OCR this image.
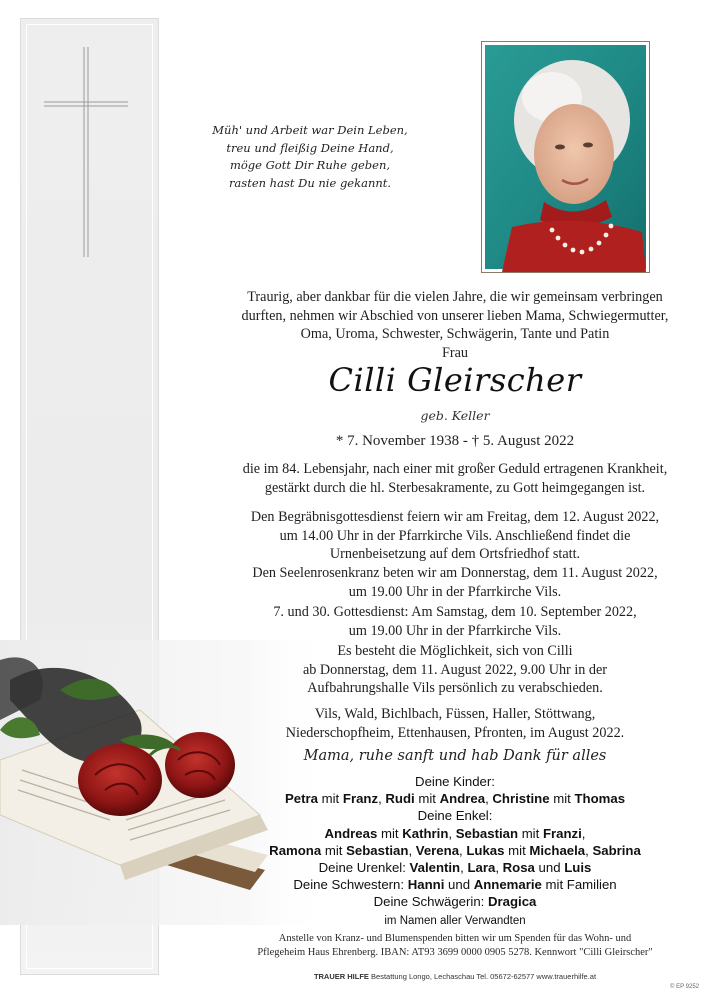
Müh' und Arbeit war Dein Leben,
treu und fleißig Deine Hand,
möge Gott Dir Ruhe geben,
rasten hast Du nie gekannt.
Traurig, aber dankbar für die vielen Jahre, die wir gemeinsam verbringen
durften, nehmen wir Abschied von unserer lieben Mama, Schwiegermutter,
Oma, Uroma, Schwester, Schwägerin, Tante und Patin
Frau
Cilli Gleirscher
geb. Keller
* 7. November 1938 - † 5. August 2022
die im 84. Lebensjahr, nach einer mit großer Geduld ertragenen Krankheit,
gestärkt durch die hl. Sterbesakramente, zu Gott heimgegangen ist.
Den Begräbnisgottesdienst feiern wir am Freitag, dem 12. August 2022,
um 14.00 Uhr in der Pfarrkirche Vils. Anschließend findet die
Urnenbeisetzung auf dem Ortsfriedhof statt.
Den Seelenrosenkranz beten wir am Donnerstag, dem 11. August 2022,
um 19.00 Uhr in der Pfarrkirche Vils.
7. und 30. Gottesdienst: Am Samstag, dem 10. September 2022,
um 19.00 Uhr in der Pfarrkirche Vils.
Es besteht die Möglichkeit, sich von Cilli
ab Donnerstag, dem 11. August 2022, 9.00 Uhr in der
Aufbahrungshalle Vils persönlich zu verabschieden.
Vils, Wald, Bichlbach, Füssen, Haller, Stöttwang,
Niederschopfheim, Ettenhausen, Pfronten, im August 2022.
Mama, ruhe sanft und hab Dank für alles
Deine Kinder:
Petra mit Franz, Rudi mit Andrea, Christine mit Thomas
Deine Enkel:
Andreas mit Kathrin, Sebastian mit Franzi,
Ramona mit Sebastian, Verena, Lukas mit Michaela, Sabrina
Deine Urenkel: Valentin, Lara, Rosa und Luis
Deine Schwestern: Hanni und Annemarie mit Familien
Deine Schwägerin: Dragica
im Namen aller Verwandten
Anstelle von Kranz- und Blumenspenden bitten wir um Spenden für das Wohn- und
Pflegeheim Haus Ehrenberg. IBAN: AT93 3699 0000 0905 5278. Kennwort "Cilli Gleirscher"
TRAUER HILFE Bestattung Longo, Lechaschau Tel. 05672-62577 www.trauerhilfe.at
© EP 9252
